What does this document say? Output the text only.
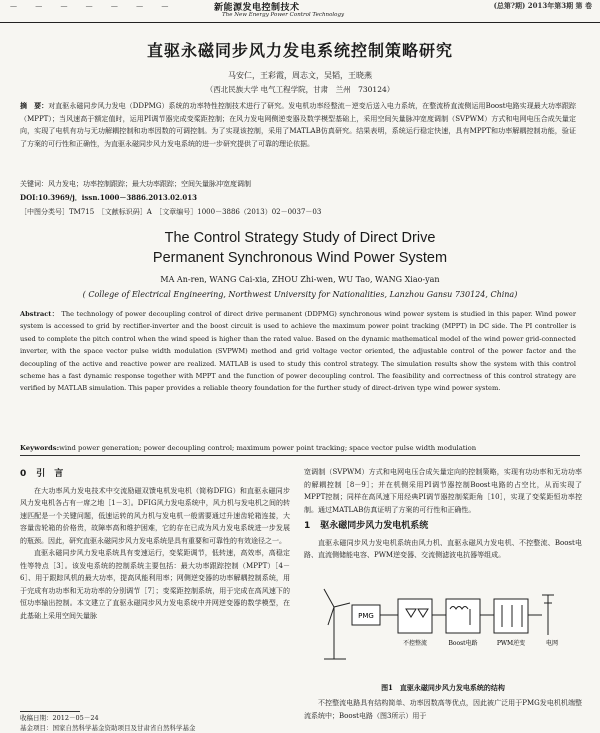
— — — — — — —	新能源发电控制技术
The New Energy Power Control Technology
(总第?期) 2013年第3期 第 卷
直驱永磁同步风力发电系统控制策略研究
马安仁，王彩霞，周志文，吴韬，王晓燕
（西北民族大学 电气工程学院，甘肃　兰州　730124）
摘　要：对直驱永磁同步风力发电（DDPMG）系统的功率特性控制技术进行了研究。发电机功率经整流－逆变后送入电力系统，在整流桥直流侧运用Boost电路实现最大功率跟踪（MPPT）；当风速高于额定值时，运用PI调节器完成变桨距控制；在风力发电网侧逆变器及数学模型基础上，采用空间矢量脉冲宽度调制（SVPWM）方式和电网电压合成矢量定向，实现了电机有功与无功解耦控制和功率因数的可调控制。为了实现该控制，采用了MATLAB仿真研究。结果表明，系统运行稳定快速，具有MPPT和功率解耦控制功能，验证了方案的可行性和正确性，为直驱永磁同步风力发电系统的进一步研究提供了可靠的理论依据。
关键词：风力发电；功率控制跟踪；最大功率跟踪；空间矢量脉冲宽度调制
DOI:10.3969/j．issn.1000－3886.2013.02.013
［中图分类号］TM715　［文献标识码］A　［文章编号］1000－3886（2013）02－0037－03
The Control Strategy Study of Direct Drive
Permanent Synchronous Wind Power System
MA An-ren, WANG Cai-xia, ZHOU Zhi-wen, WU Tao, WANG Xiao-yan
( College of Electrical Engineering, Northwest University for Nationalities, Lanzhou Gansu 730124, China)
Abstract： The technology of power decoupling control of direct drive permanent (DDPMG) synchronous wind power system is studied in this paper. Wind power system is accessed to grid by rectifier-inverter and the boost circuit is used to achieve the maximum power point tracking (MPPT) in DC side. The PI controller is used to complete the pitch control when the wind speed is higher than the rated value. Based on the dynamic mathematical model of the wind power grid-connected inverter, with the space vector pulse width modulation (SVPWM) method and grid voltage vector oriented, the adjustable control of the power factor and the decoupling of the active and reactive power are realized. MATLAB is used to study this control strategy. The simulation results show the system with this control scheme has a fast dynamic response together with MPPT and the function of power decoupling control. The feasibility and correctness of this control strategy are verified by MATLAB simulation. This paper provides a reliable theory foundation for the further study of direct-driven type wind power system.
Keywords:wind power generation; power decoupling control; maximum power point tracking; space vector pulse width modulation
0 引　言

在大功率风力发电技术中交流励磁双馈电机发电机（简称DFIG）和直驱永磁同步风力发电机各占有一席之地［1－3］。DFIG风力发电系统中，风力机与发电机之间的转速匹配是一个关键问题，低速运转的风力机与发电机一般需要通过升速齿轮箱连接，大容量齿轮箱的价格贵，故障率高和维护困难，它的存在已成为风力发电系统进一步发展的瓶颈。因此，研究直驱永磁同步风力发电系统是具有重要和可靠性的有效途径之一。

直驱永磁同步风力发电系统具有变速运行，变桨距调节，低转速，高效率，高稳定性等特点［3］。该发电系统的控制系统主要包括：最大功率跟踪控制（MPPT）［4－6］、用于跟踪风机的最大功率，提高风能利用率；网侧逆变器的功率解耦控制系统，用于完成有功功率和无功功率的分别调节［7］；变桨距控制系统，用于完成在高风速下的恒功率输出控制。本文建立了直驱永磁同步风力发电系统中并网逆变器的数学模型，在此基础上采用空间矢量脉

收稿日期：2012－05－24
基金项目：国家自然科学基金资助项目及甘肃省自然科学基金

宽调制（SVPWM）方式和电网电压合成矢量定向的控制策略，实现有功功率和无功功率的解耦控制［8－9］；并在机侧采用PI调节器控制Boost电路的占空比，从而实现了MPPT控制；同样在高风速下用经典PI调节器控制桨距角［10］，实现了变桨距恒功率控制。通过MATLAB仿真证明了方案的可行性和正确性。

1 驱永磁同步风力发电机系统

直驱永磁同步风力发电机系统由风力机、直驱永磁风力发电机、不控整流、Boost电路、直流侧储能电容、PWM逆变器、交流侧滤波电抗器等组成。

PMG
不控整流	Boost电路	PWM逆变	电网
图1　直驱永磁同步风力发电系统的结构

不控整流电路具有结构简单、功率因数高等优点，因此被广泛用于PMG发电机机端整流系统中；Boost电路（图3所示）用于
